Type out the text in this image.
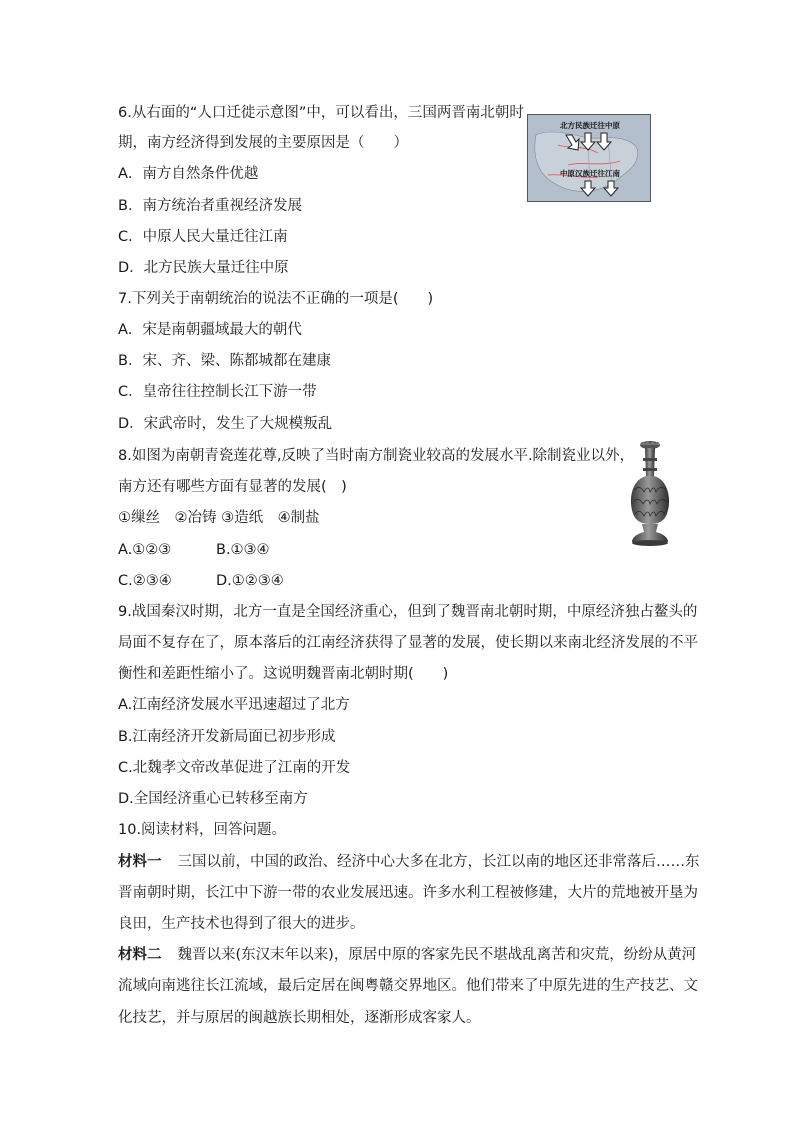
6.从右面的“人口迁徙示意图”中，可以看出，三国两晋南北朝时
期，南方经济得到发展的主要原因是（　　）
A．南方自然条件优越
B．南方统治者重视经济发展
C．中原人民大量迁往江南
D．北方民族大量迁往中原
北方民族迁往中原
中原汉族迁往江南
7.下列关于南朝统治的说法不正确的一项是(　　)
A．宋是南朝疆域最大的朝代
B．宋、齐、梁、陈都城都在建康
C．皇帝往往控制长江下游一带
D．宋武帝时，发生了大规模叛乱
8.如图为南朝青瓷莲花尊,反映了当时南方制瓷业较高的发展水平.除制瓷业以外，
南方还有哪些方面有显著的发展(　)
①缫丝　②冶铸 ③造纸　④制盐
A.①②③	B.①③④
C.②③④	D.①②③④
9.战国秦汉时期，北方一直是全国经济重心，但到了魏晋南北朝时期，中原经济独占鳌头的
局面不复存在了，原本落后的江南经济获得了显著的发展，使长期以来南北经济发展的不平
衡性和差距性缩小了。这说明魏晋南北朝时期(　　)
A.江南经济发展水平迅速超过了北方
B.江南经济开发新局面已初步形成
C.北魏孝文帝改革促进了江南的开发
D.全国经济重心已转移至南方
10.阅读材料，回答问题。
材料一 三国以前，中国的政治、经济中心大多在北方，长江以南的地区还非常落后……东
晋南朝时期，长江中下游一带的农业发展迅速。许多水利工程被修建，大片的荒地被开垦为
良田，生产技术也得到了很大的进步。
材料二 魏晋以来(东汉末年以来)，原居中原的客家先民不堪战乱离苦和灾荒，纷纷从黄河
流域向南逃往长江流域，最后定居在闽粤赣交界地区。他们带来了中原先进的生产技艺、文
化技艺，并与原居的闽越族长期相处，逐渐形成客家人。
